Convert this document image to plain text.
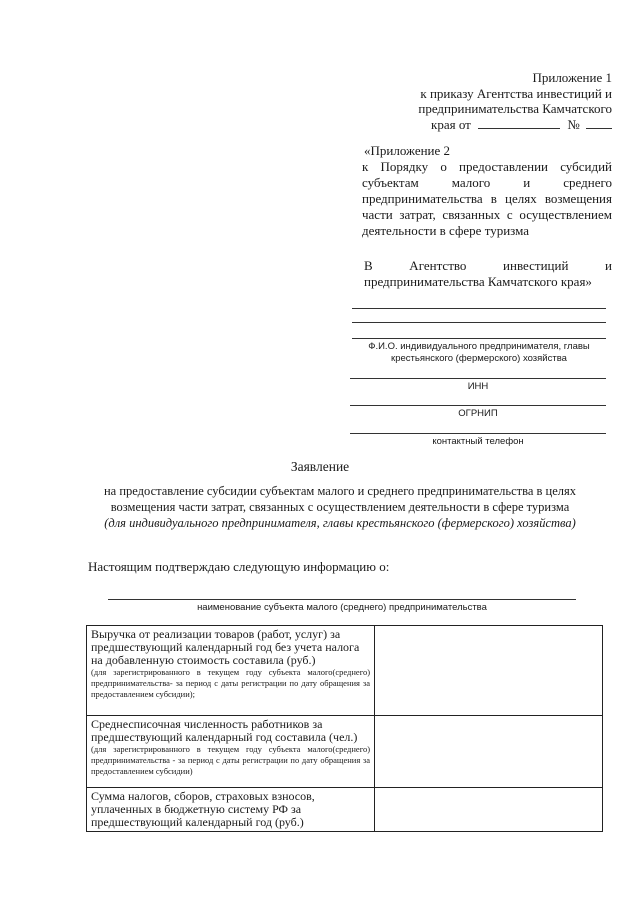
Приложение 1
к приказу Агентства инвестиций и
предпринимательства Камчатского
края от	№
«Приложение 2
к Порядку о предоставлении субсидий
субъектам малого и среднего
предпринимательства в целях возмещения
части затрат, связанных с осуществлением
деятельности в сфере туризма
В Агентство инвестиций и
предпринимательства Камчатского края»
Ф.И.О. индивидуального предпринимателя, главы
крестьянского (фермерского) хозяйства
ИНН
ОГРНИП
контактный телефон
Заявление
на предоставление субсидии субъектам малого и среднего предпринимательства в целях
возмещения части затрат, связанных с осуществлением деятельности в сфере туризма
(для индивидуального предпринимателя, главы крестьянского (фермерского) хозяйства)
Настоящим подтверждаю следующую информацию о:
наименование субъекта малого (среднего) предпринимательства
Выручка от реализации товаров (работ, услуг) за
предшествующий календарный год без учета налога
на добавленную стоимость составила (руб.)
(для зарегистрированного в текущем году субъекта малого(среднего) предпринимательства- за период с даты регистрации по дату обращения за предоставлением субсидии);	

Среднесписочная численность работников за
предшествующий календарный год составила (чел.)
(для зарегистрированного в текущем году субъекта малого(среднего) предпринимательства - за период с даты регистрации по дату обращения за предоставлением субсидии)	

Сумма налогов, сборов, страховых взносов,
уплаченных в бюджетную систему РФ за
предшествующий календарный год (руб.)	
